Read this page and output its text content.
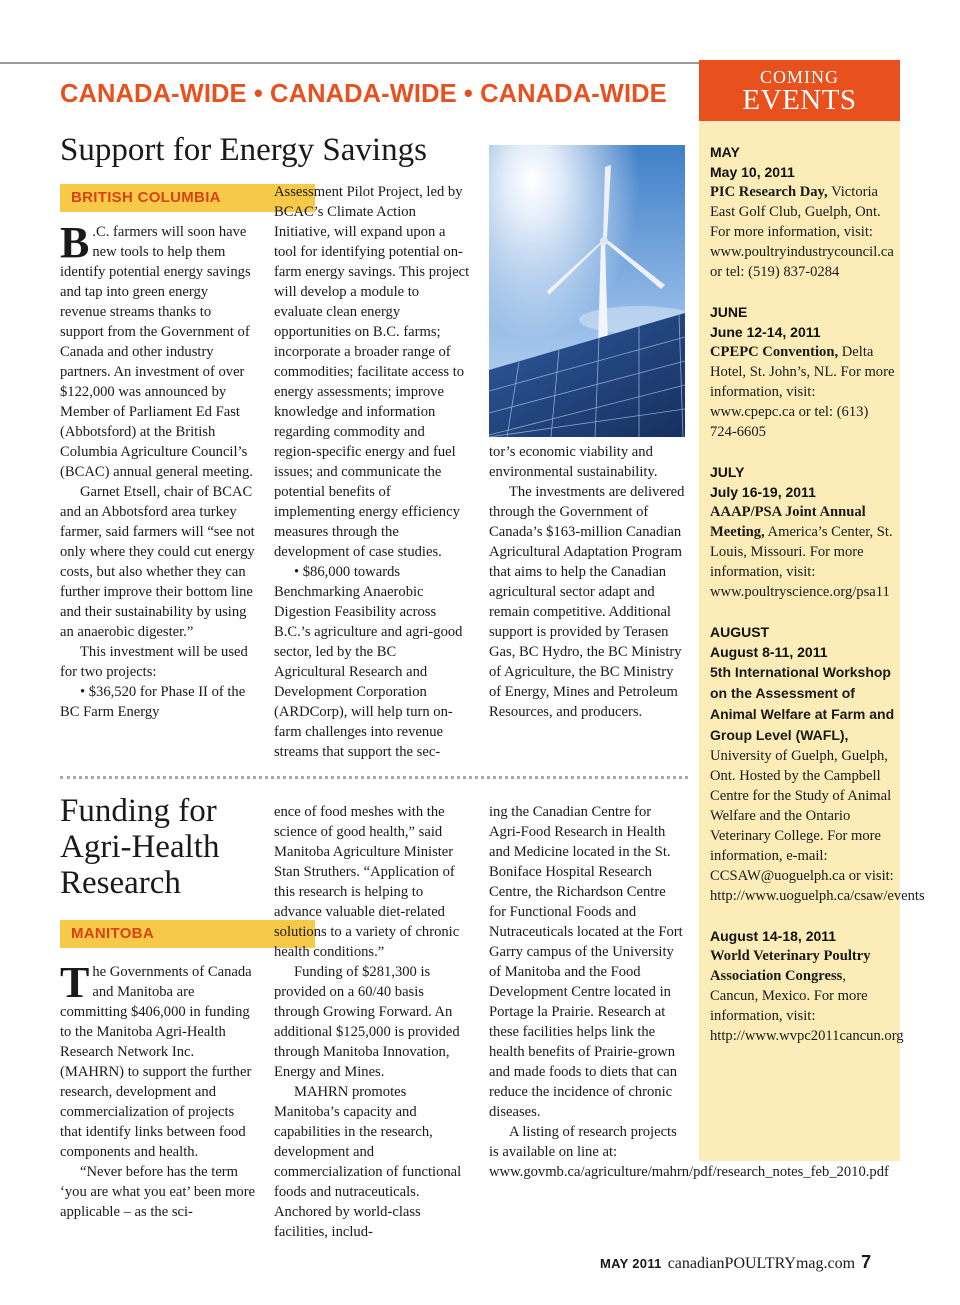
CANADA-WIDE • CANADA-WIDE • CANADA-WIDE
Support for Energy Savings
BRITISH COLUMBIA

B .C. farmers will soon have new tools to help them identify potential energy savings and tap into green energy revenue streams thanks to support from the Government of Canada and other industry partners. An investment of over $122,000 was announced by Member of Parliament Ed Fast (Abbotsford) at the British Columbia Agriculture Council’s (BCAC) annual general meeting.

Garnet Etsell, chair of BCAC and an Abbotsford area turkey farmer, said farmers will “see not only where they could cut energy costs, but also whether they can further improve their bottom line and their sustainability by using an anaerobic digester.”

This investment will be used for two projects:

• $36,520 for Phase II of the BC Farm Energy

Assessment Pilot Project, led by BCAC’s Climate Action Initiative, will expand upon a tool for identifying potential on-farm energy savings. This project will develop a module to evaluate clean energy opportunities on B.C. farms; incorporate a broader range of commodities; facilitate access to energy assessments; improve knowledge and information regarding commodity and region-specific energy and fuel issues; and communicate the potential benefits of implementing energy efficiency measures through the development of case studies.

• $86,000 towards Benchmarking Anaerobic Digestion Feasibility across B.C.’s agriculture and agri-good sector, led by the BC Agricultural Research and Development Corporation (ARDCorp), will help turn on-farm challenges into revenue streams that support the sec-

tor’s economic viability and environmental sustainability.

The investments are delivered through the Government of Canada’s $163-million Canadian Agricultural Adaptation Program that aims to help the Canadian agricultural sector adapt and remain competitive. Additional support is provided by Terasen Gas, BC Hydro, the BC Ministry of Agriculture, the BC Ministry of Energy, Mines and Petroleum Resources, and producers.

Funding for Agri-Health Research
MANITOBA

The Governments of Canada and Manitoba are committing $406,000 in funding to the Manitoba Agri-Health Research Network Inc. (MAHRN) to support the further research, development and commercialization of projects that identify links between food components and health.

“Never before has the term ‘you are what you eat’ been more applicable – as the sci-

ence of food meshes with the science of good health,” said Manitoba Agriculture Minister Stan Struthers. “Application of this research is helping to advance valuable diet-related solutions to a variety of chronic health conditions.”

Funding of $281,300 is provided on a 60/40 basis through Growing Forward. An additional $125,000 is provided through Manitoba Innovation, Energy and Mines.

MAHRN promotes Manitoba’s capacity and capabilities in the research, development and commercialization of functional foods and nutraceuticals. Anchored by world-class facilities, includ-

ing the Canadian Centre for Agri-Food Research in Health and Medicine located in the St. Boniface Hospital Research Centre, the Richardson Centre for Functional Foods and Nutraceuticals located at the Fort Garry campus of the University of Manitoba and the Food Development Centre located in Portage la Prairie. Research at these facilities helps link the health benefits of Prairie-grown and made foods to diets that can reduce the incidence of chronic diseases.

A listing of research projects is available on line at: www.govmb.ca/agriculture/mahrn/pdf/research_notes_feb_2010.pdf

COMING
EVENTS

MAY

May 10, 2011

PIC Research Day, Victoria East Golf Club, Guelph, Ont. For more information, visit: www.poultryindustrycouncil.ca or tel: (519) 837-0284

JUNE

June 12-14, 2011

CPEPC Convention, Delta Hotel, St. John’s, NL. For more information, visit: www.cpepc.ca or tel: (613) 724-6605

JULY

July 16-19, 2011

AAAP/PSA Joint Annual Meeting, America’s Center, St. Louis, Missouri. For more information, visit: www.poultryscience.org/psa11

AUGUST

August 8-11, 2011

5th International Workshop on the Assessment of Animal Welfare at Farm and Group Level (WAFL), University of Guelph, Guelph, Ont. Hosted by the Campbell Centre for the Study of Animal Welfare and the Ontario Veterinary College. For more information, e-mail: CCSAW@uoguelph.ca or visit: http://www.uoguelph.ca/csaw/events

August 14-18, 2011

World Veterinary Poultry Association Congress, Cancun, Mexico. For more information, visit: http://www.wvpc2011cancun.org

MAY 2011 canadianPOULTRYmag.com 7
